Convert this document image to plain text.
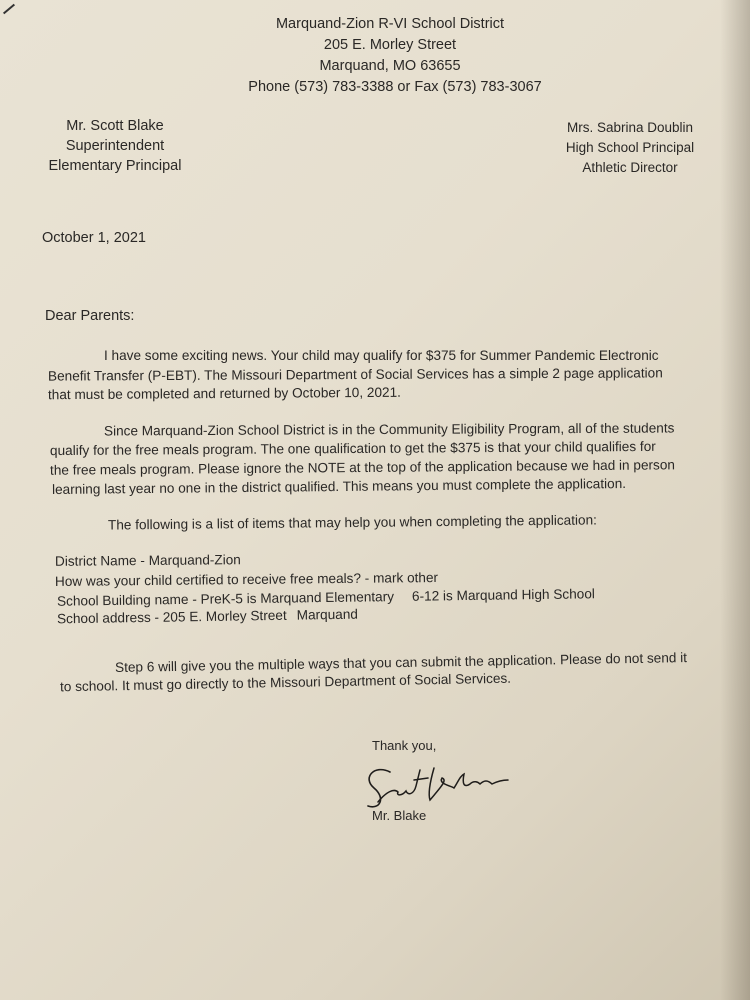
Marquand-Zion R-VI School District
205 E. Morley Street
Marquand, MO 63655
Phone (573) 783-3388 or Fax (573) 783-3067
Mr. Scott Blake
Superintendent
Elementary Principal
Mrs. Sabrina Doublin
High School Principal
Athletic Director
October 1, 2021
Dear Parents:
I have some exciting news. Your child may qualify for $375 for Summer Pandemic Electronic
Benefit Transfer (P-EBT). The Missouri Department of Social Services has a simple 2 page application
that must be completed and returned by October 10, 2021.
Since Marquand-Zion School District is in the Community Eligibility Program, all of the students
qualify for the free meals program. The one qualification to get the $375 is that your child qualifies for
the free meals program. Please ignore the NOTE at the top of the application because we had in person
learning last year no one in the district qualified. This means you must complete the application.
The following is a list of items that may help you when completing the application:
District Name - Marquand-Zion
How was your child certified to receive free meals? - mark other
School Building name - PreK-5 is Marquand Elementary 6-12 is Marquand High School
School address - 205 E. Morley Street Marquand
Step 6 will give you the multiple ways that you can submit the application. Please do not send it
to school. It must go directly to the Missouri Department of Social Services.
Thank you,
Mr. Blake
